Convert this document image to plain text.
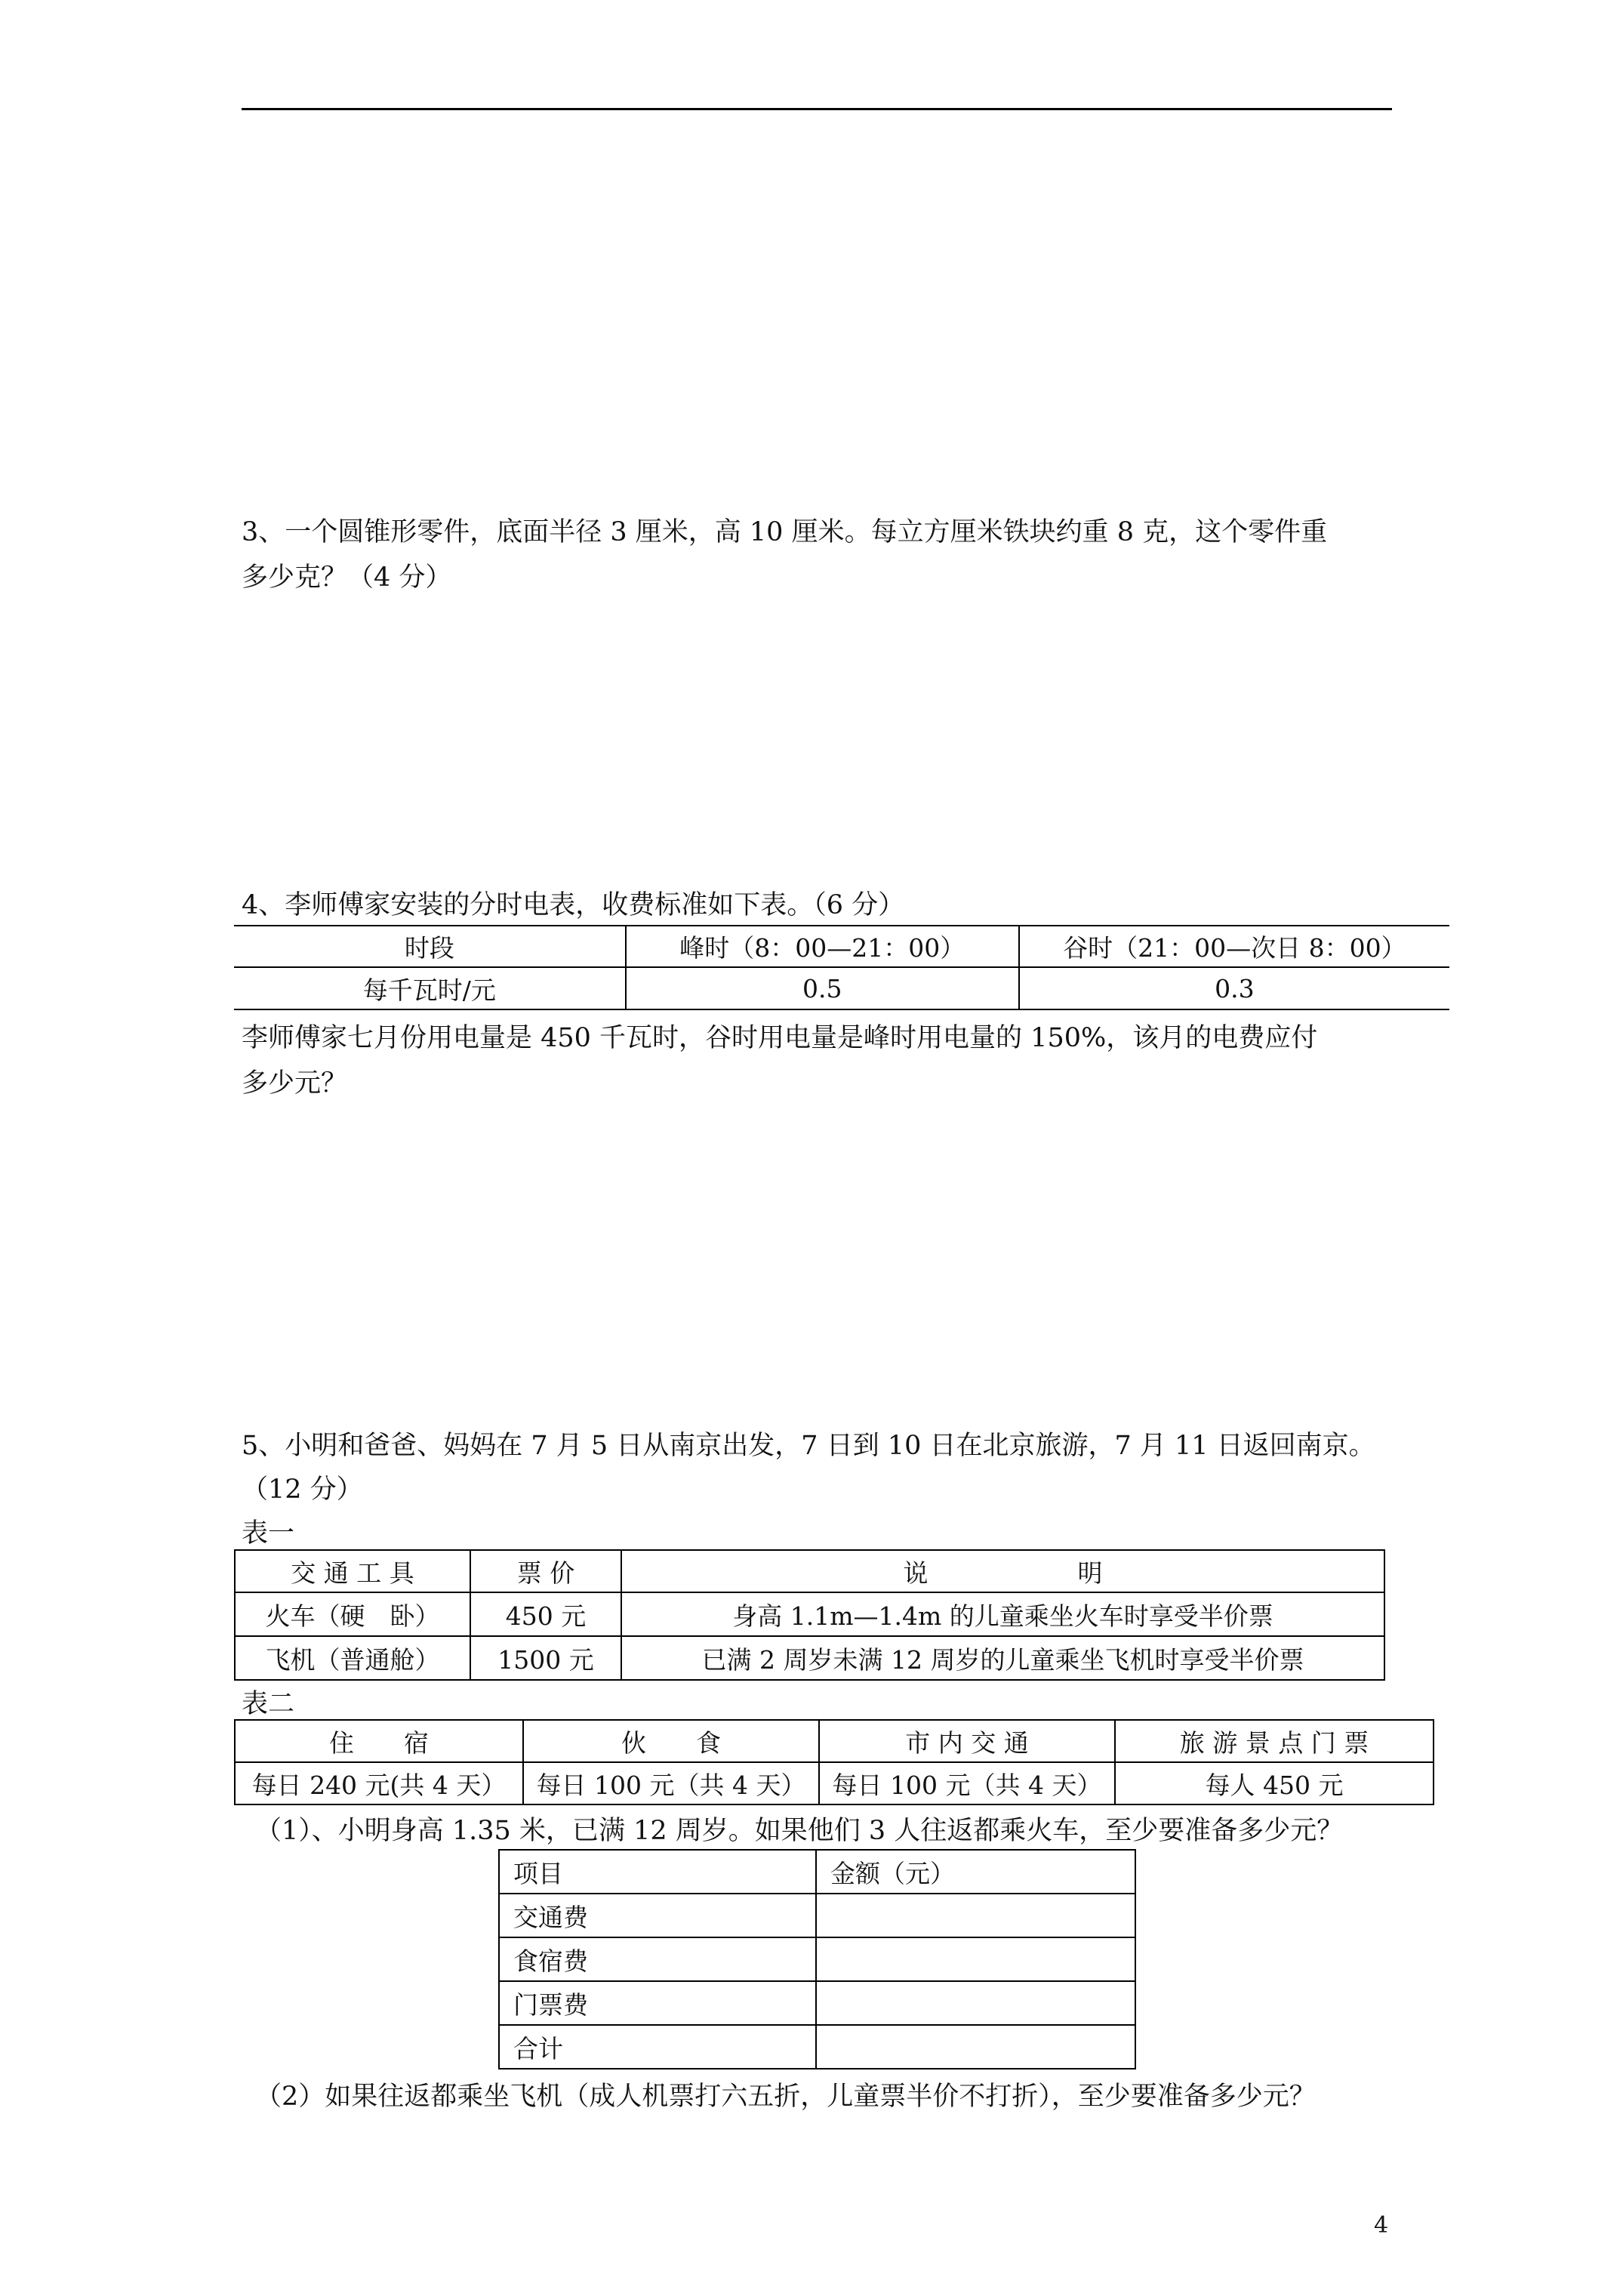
3、一个圆锥形零件，底面半径 3 厘米，高 10 厘米。每立方厘米铁块约重 8 克，这个零件重
多少克？（4 分）
4、李师傅家安装的分时电表，收费标准如下表。（6 分）
时段	峰时（8：00—21：00）	谷时（21：00—次日 8：00）
每千瓦时/元	0.5	0.3
李师傅家七月份用电量是 450 千瓦时，谷时用电量是峰时用电量的 150%，该月的电费应付
多少元？
5、小明和爸爸、妈妈在 7 月 5 日从南京出发，7 日到 10 日在北京旅游，7 月 11 日返回南京。
（12 分）
表一
交 通 工 具	票 价	说　　　　　　明
火车（硬　卧）	450 元	身高 1.1m—1.4m 的儿童乘坐火车时享受半价票
飞机（普通舱）	1500 元	已满 2 周岁未满 12 周岁的儿童乘坐飞机时享受半价票
表二
住　　宿	伙　　食	市 内 交 通	旅 游 景 点 门 票
每日 240 元(共 4 天）	每日 100 元（共 4 天）	每日 100 元（共 4 天）	每人 450 元
（1）、小明身高 1.35 米，已满 12 周岁。如果他们 3 人往返都乘火车，至少要准备多少元？
项目	金额（元）
交通费	
食宿费	
门票费	
合计	
（2）如果往返都乘坐飞机（成人机票打六五折，儿童票半价不打折），至少要准备多少元？
4
